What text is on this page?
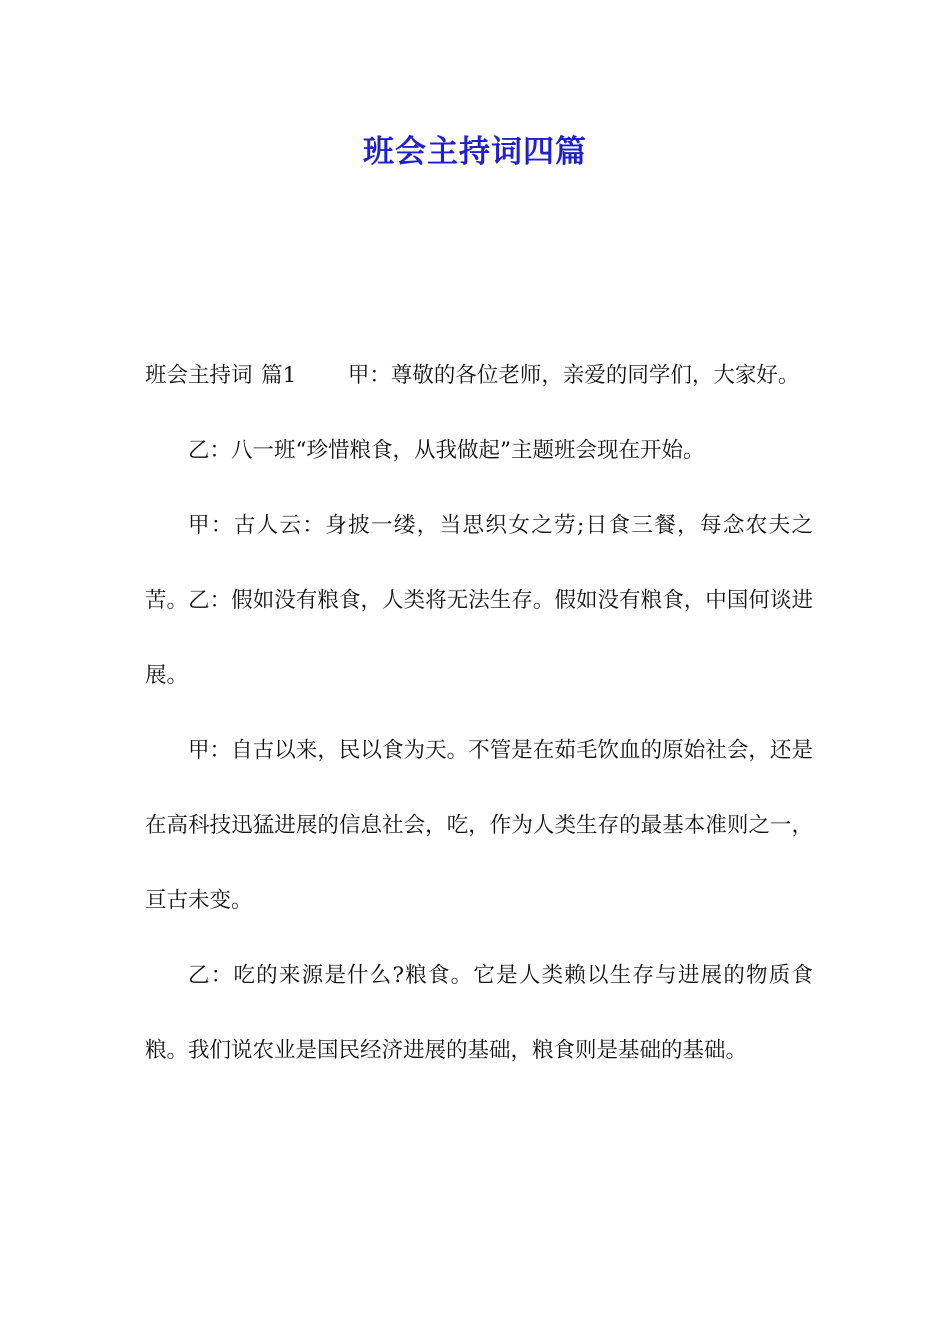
班会主持词四篇

班会主持词 篇1 甲：尊敬的各位老师，亲爱的同学们，大家好。

乙：八一班“珍惜粮食，从我做起”主题班会现在开始。

甲：古人云：身披一缕，当思织女之劳;日食三餐，每念农夫之苦。乙：假如没有粮食，人类将无法生存。假如没有粮食，中国何谈进展。

甲：自古以来，民以食为天。不管是在茹毛饮血的原始社会，还是在高科技迅猛进展的信息社会，吃，作为人类生存的最基本准则之一，亘古未变。

乙：吃的来源是什么?粮食。它是人类赖以生存与进展的物质食粮。我们说农业是国民经济进展的基础，粮食则是基础的基础。
